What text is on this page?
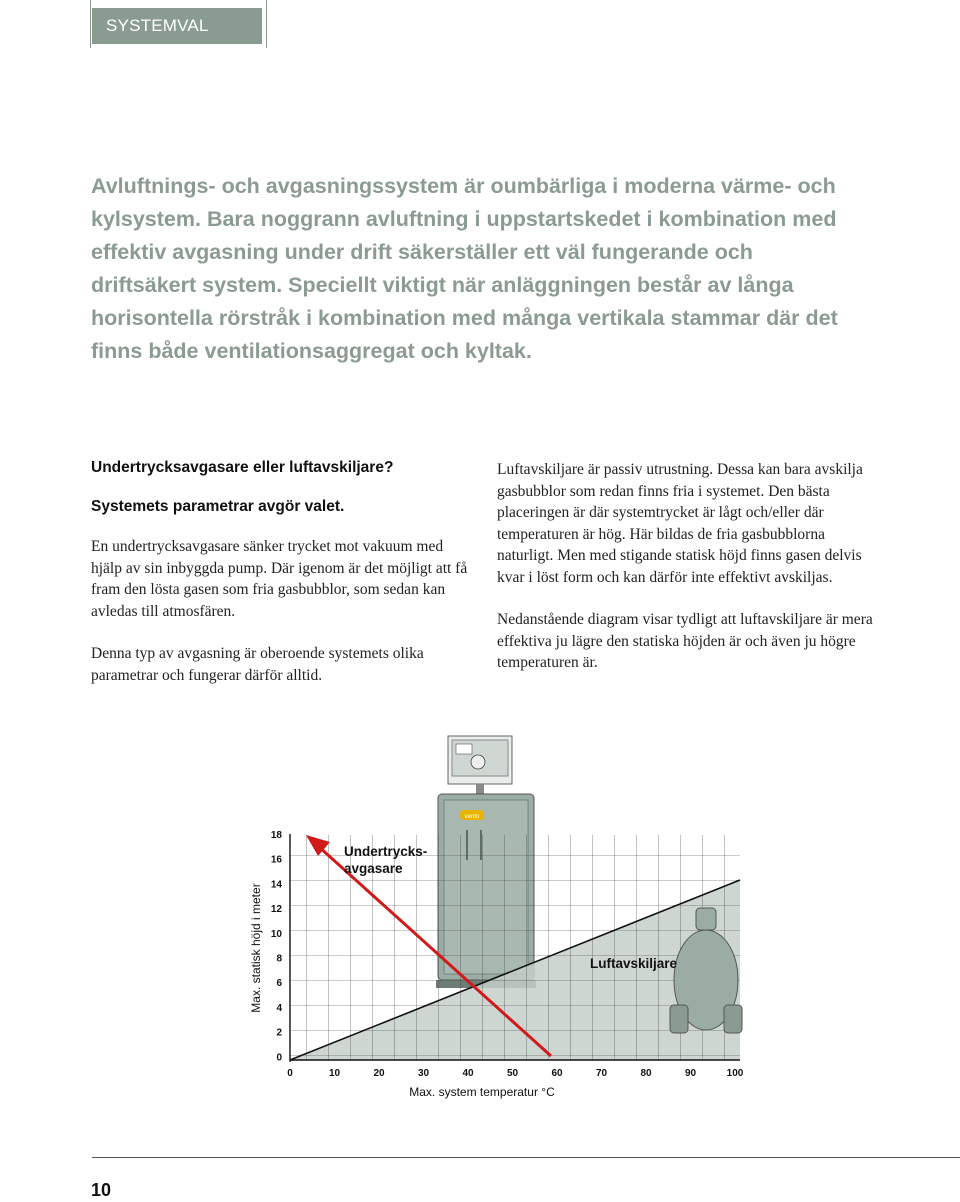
SYSTEMVAL

Avluftnings- och avgasningssystem är oumbärliga i moderna värme- och kylsystem. Bara noggrann avluftning i uppstartskedet i kombination med effektiv avgasning under drift säkerställer ett väl fungerande och driftsäkert system. Speciellt viktigt när anläggningen består av långa horisontella rörstråk i kombination med många vertikala stammar där det finns både ventilationsaggregat och kyltak.

Undertrycksavgasare eller luftavskiljare?
Systemets parametrar avgör valet.

En undertrycksavgasare sänker trycket mot vakuum med hjälp av sin inbyggda pump. Där igenom är det möjligt att få fram den lösta gasen som fria gasbubblor, som sedan kan avledas till atmosfären.

Denna typ av avgasning är oberoende systemets olika parametrar och fungerar därför alltid.

Luftavskiljare är passiv utrustning. Dessa kan bara avskilja gasbubblor som redan finns fria i systemet. Den bästa placeringen är där systemtrycket är lågt och/eller där temperaturen är hög. Här bildas de fria gasbubblorna naturligt. Men med stigande statisk höjd finns gasen delvis kvar i löst form och kan därför inte effektivt avskiljas.

Nedanstående diagram visar tydligt att luftavskiljare är mera effektiva ju lägre den statiska höjden är och även ju högre temperaturen är.

vento
Undertrycks-
avgasare
Luftavskiljare
18
16
14
12
10
8
6
4
2
0
0	10	20	30	40	50	60	70	80	90	100
Max. statisk höjd i meter
Max. system temperatur °C
10
